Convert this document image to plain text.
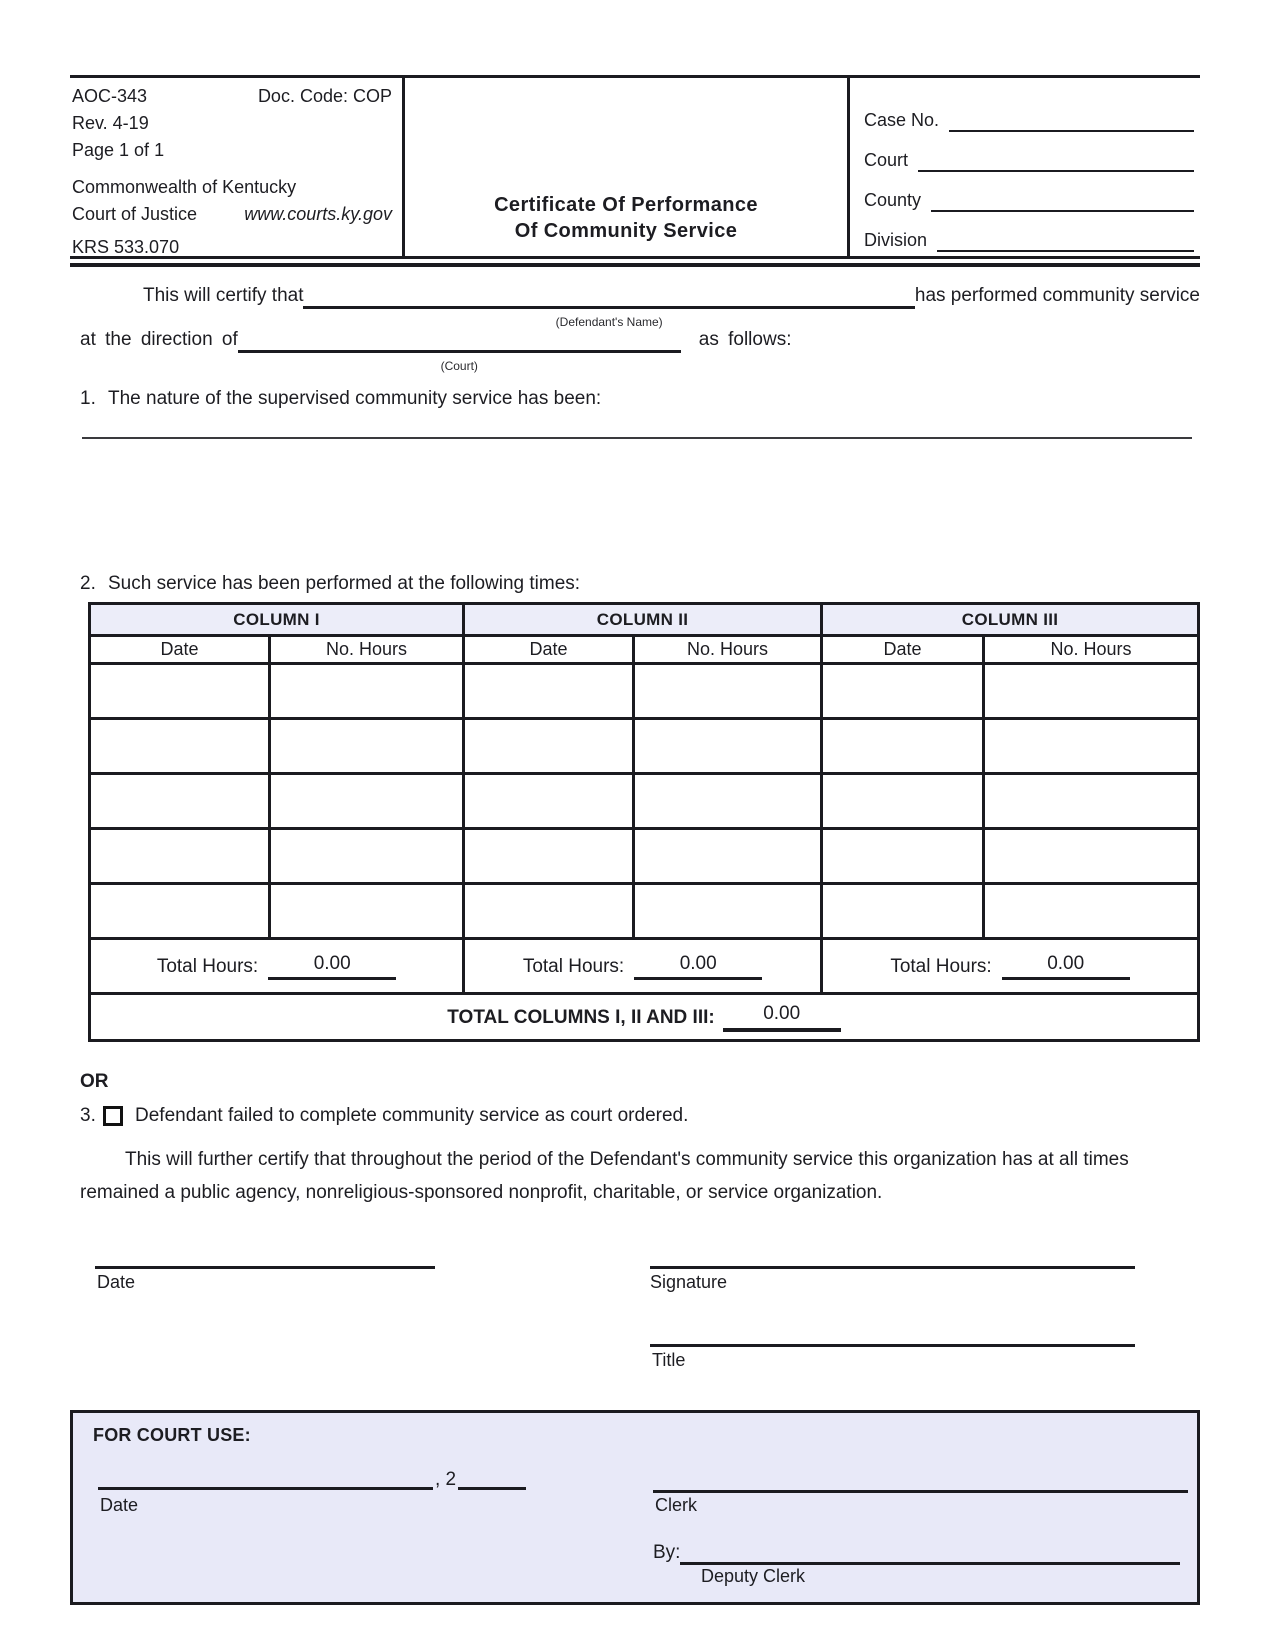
AOC-343	Doc. Code: COP
Rev. 4-19
Page 1 of 1
Commonwealth of Kentucky
Court of Justice	www.courts.ky.gov
KRS 533.070
Certificate Of Performance
Of Community Service
Case No.
Court
County
Division
This will certify that
(Defendant's Name)
has performed community service
at the direction of
(Court)
as follows:
1. The nature of the supervised community service has been:
2. Such service has been performed at the following times:
COLUMN I		COLUMN II		COLUMN III	
Date	No. Hours	Date	No. Hours	Date	No. Hours

Total Hours: 0.00		Total Hours: 0.00		Total Hours: 0.00	

TOTAL COLUMNS I, II AND III: 0.00					
OR
3.	Defendant failed to complete community service as court ordered.
This will further certify that throughout the period of the Defendant's community service this organization has at all times remained a public agency, nonreligious-sponsored nonprofit, charitable, or service organization.
Date	Signature
Title
FOR COURT USE:
, 2
Date	Clerk
By:
Deputy Clerk
